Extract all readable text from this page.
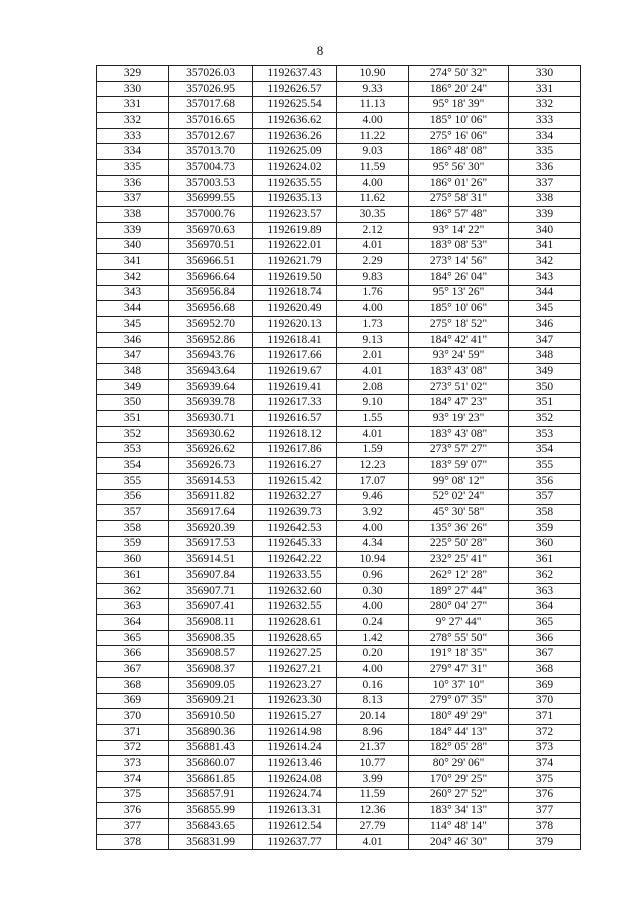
8
329	357026.03	1192637.43	10.90	274° 50' 32"	330
330	357026.95	1192626.57	9.33	186° 20' 24"	331
331	357017.68	1192625.54	11.13	95° 18' 39"	332
332	357016.65	1192636.62	4.00	185° 10' 06"	333
333	357012.67	1192636.26	11.22	275° 16' 06"	334
334	357013.70	1192625.09	9.03	186° 48' 08"	335
335	357004.73	1192624.02	11.59	95° 56' 30"	336
336	357003.53	1192635.55	4.00	186° 01' 26"	337
337	356999.55	1192635.13	11.62	275° 58' 31"	338
338	357000.76	1192623.57	30.35	186° 57' 48"	339
339	356970.63	1192619.89	2.12	93° 14' 22"	340
340	356970.51	1192622.01	4.01	183° 08' 53"	341
341	356966.51	1192621.79	2.29	273° 14' 56"	342
342	356966.64	1192619.50	9.83	184° 26' 04"	343
343	356956.84	1192618.74	1.76	95° 13' 26"	344
344	356956.68	1192620.49	4.00	185° 10' 06"	345
345	356952.70	1192620.13	1.73	275° 18' 52"	346
346	356952.86	1192618.41	9.13	184° 42' 41"	347
347	356943.76	1192617.66	2.01	93° 24' 59"	348
348	356943.64	1192619.67	4.01	183° 43' 08"	349
349	356939.64	1192619.41	2.08	273° 51' 02"	350
350	356939.78	1192617.33	9.10	184° 47' 23"	351
351	356930.71	1192616.57	1.55	93° 19' 23"	352
352	356930.62	1192618.12	4.01	183° 43' 08"	353
353	356926.62	1192617.86	1.59	273° 57' 27"	354
354	356926.73	1192616.27	12.23	183° 59' 07"	355
355	356914.53	1192615.42	17.07	99° 08' 12"	356
356	356911.82	1192632.27	9.46	52° 02' 24"	357
357	356917.64	1192639.73	3.92	45° 30' 58"	358
358	356920.39	1192642.53	4.00	135° 36' 26"	359
359	356917.53	1192645.33	4.34	225° 50' 28"	360
360	356914.51	1192642.22	10.94	232° 25' 41"	361
361	356907.84	1192633.55	0.96	262° 12' 28"	362
362	356907.71	1192632.60	0.30	189° 27' 44"	363
363	356907.41	1192632.55	4.00	280° 04' 27"	364
364	356908.11	1192628.61	0.24	9° 27' 44"	365
365	356908.35	1192628.65	1.42	278° 55' 50"	366
366	356908.57	1192627.25	0.20	191° 18' 35"	367
367	356908.37	1192627.21	4.00	279° 47' 31"	368
368	356909.05	1192623.27	0.16	10° 37' 10"	369
369	356909.21	1192623.30	8.13	279° 07' 35"	370
370	356910.50	1192615.27	20.14	180° 49' 29"	371
371	356890.36	1192614.98	8.96	184° 44' 13"	372
372	356881.43	1192614.24	21.37	182° 05' 28"	373
373	356860.07	1192613.46	10.77	80° 29' 06"	374
374	356861.85	1192624.08	3.99	170° 29' 25"	375
375	356857.91	1192624.74	11.59	260° 27' 52"	376
376	356855.99	1192613.31	12.36	183° 34' 13"	377
377	356843.65	1192612.54	27.79	114° 48' 14"	378
378	356831.99	1192637.77	4.01	204° 46' 30"	379
